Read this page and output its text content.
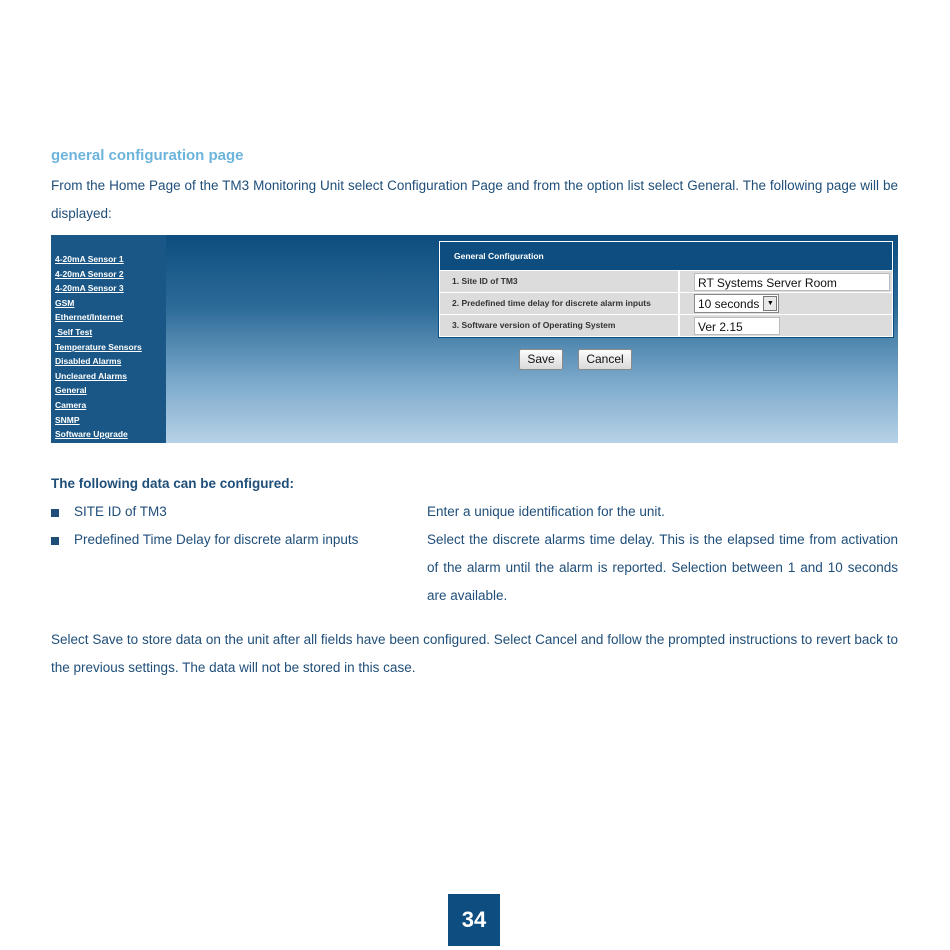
general configuration page
From the Home Page of the TM3 Monitoring Unit select Configuration Page and from the option list select General. The following page will be displayed:
4-20mA Sensor 1
4-20mA Sensor 2
4-20mA Sensor 3
GSM
Ethernet/Internet
Self Test
Temperature Sensors
Disabled Alarms
Uncleared Alarms
General
Camera
SNMP
Software Upgrade
General Configuration
1. Site ID of TM3	RT Systems Server Room
2. Predefined time delay for discrete alarm inputs	10 seconds	▼
3. Software version of Operating System	Ver 2.15
Save	Cancel
The following data can be configured:
SITE ID of TM3	Enter a unique identification for the unit.
Predefined Time Delay for discrete alarm inputs	Select the discrete alarms time delay. This is the elapsed time from activation of the alarm until the alarm is reported. Selection between 1 and 10 seconds are available.
Select Save to store data on the unit after all fields have been configured. Select Cancel and follow the prompted instructions to revert back to the previous settings. The data will not be stored in this case.
34
